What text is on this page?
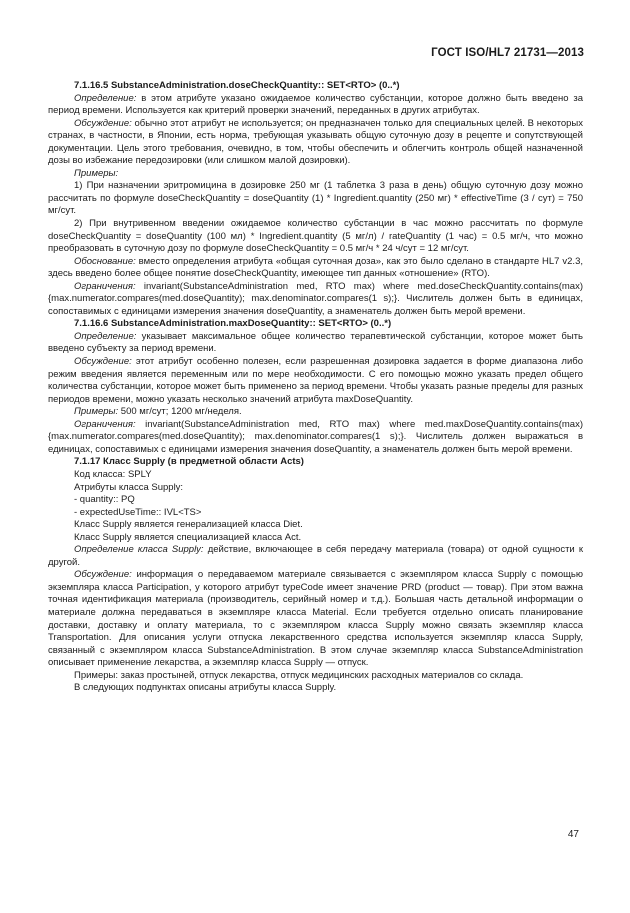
ГОСТ ISO/HL7 21731—2013

7.1.16.5 SubstanceAdministration.doseCheckQuantity:: SET<RTO> (0..*)

Определение: в этом атрибуте указано ожидаемое количество субстанции, которое должно быть введено за период времени. Используется как критерий проверки значений, переданных в других атрибутах.

Обсуждение: обычно этот атрибут не используется; он предназначен только для специальных целей. В некоторых странах, в частности, в Японии, есть норма, требующая указывать общую суточную дозу в рецепте и сопутствующей документации. Цель этого требования, очевидно, в том, чтобы обеспечить и облегчить контроль общей назначенной дозы во избежание передозировки (или слишком малой дозировки).

Примеры:

1) При назначении эритромицина в дозировке 250 мг (1 таблетка 3 раза в день) общую суточную дозу можно рассчитать по формуле doseCheckQuantity = doseQuantity (1) * Ingredient.quantity (250 мг) * effectiveTime (3 / сут) = 750 мг/сут.

2) При внутривенном введении ожидаемое количество субстанции в час можно рассчитать по формуле doseCheckQuantity = doseQuantity (100 мл) * Ingredient.quantity (5 мг/л) / rateQuantity (1 час) = 0.5 мг/ч, что можно преобразовать в суточную дозу по формуле doseCheckQuantity = 0.5 мг/ч * 24 ч/сут = 12 мг/сут.

Обоснование: вместо определения атрибута «общая суточная доза», как это было сделано в стандарте HL7 v2.3, здесь введено более общее понятие doseCheckQuantity, имеющее тип данных «отношение» (RTO).

Ограничения: invariant(SubstanceAdministration med, RTO max) where med.doseCheckQuantity.contains(max) {max.numerator.compares(med.doseQuantity); max.denominator.compares(1 s);}. Числитель должен быть в единицах, сопоставимых с единицами измерения значения doseQuantity, а знаменатель должен быть мерой времени.

7.1.16.6 SubstanceAdministration.maxDoseQuantity:: SET<RTO> (0..*)

Определение: указывает максимальное общее количество терапевтической субстанции, которое может быть введено субъекту за период времени.

Обсуждение: этот атрибут особенно полезен, если разрешенная дозировка задается в форме диапазона либо режим введения является переменным или по мере необходимости. С его помощью можно указать предел общего количества субстанции, которое может быть применено за период времени. Чтобы указать разные пределы для разных периодов времени, можно указать несколько значений атрибута maxDoseQuantity.

Примеры: 500 мг/сут; 1200 мг/неделя.

Ограничения: invariant(SubstanceAdministration med, RTO max) where med.maxDoseQuantity.contains(max) {max.numerator.compares(med.doseQuantity); max.denominator.compares(1 s);}. Числитель должен выражаться в единицах, сопоставимых с единицами измерения значения doseQuantity, а знаменатель должен быть мерой времени.

7.1.17 Класс Supply (в предметной области Acts)

Код класса: SPLY

Атрибуты класса Supply:

- quantity:: PQ

- expectedUseTime:: IVL<TS>

Класс Supply является генерализацией класса Diet.

Класс Supply является специализацией класса Act.

Определение класса Supply: действие, включающее в себя передачу материала (товара) от одной сущности к другой.

Обсуждение: информация о передаваемом материале связывается с экземпляром класса Supply с помощью экземпляра класса Participation, у которого атрибут typeCode имеет значение PRD (product — товар). При этом важна точная идентификация материала (производитель, серийный номер и т.д.). Большая часть детальной информации о материале должна передаваться в экземпляре класса Material. Если требуется отдельно описать планирование доставки, доставку и оплату материала, то с экземпляром класса Supply можно связать экземпляр класса Transportation. Для описания услуги отпуска лекарственного средства используется экземпляр класса Supply, связанный с экземпляром класса SubstanceAdministration. В этом случае экземпляр класса SubstanceAdministration описывает применение лекарства, а экземпляр класса Supply — отпуск.

Примеры: заказ простыней, отпуск лекарства, отпуск медицинских расходных материалов со склада.

В следующих подпунктах описаны атрибуты класса Supply.

47
